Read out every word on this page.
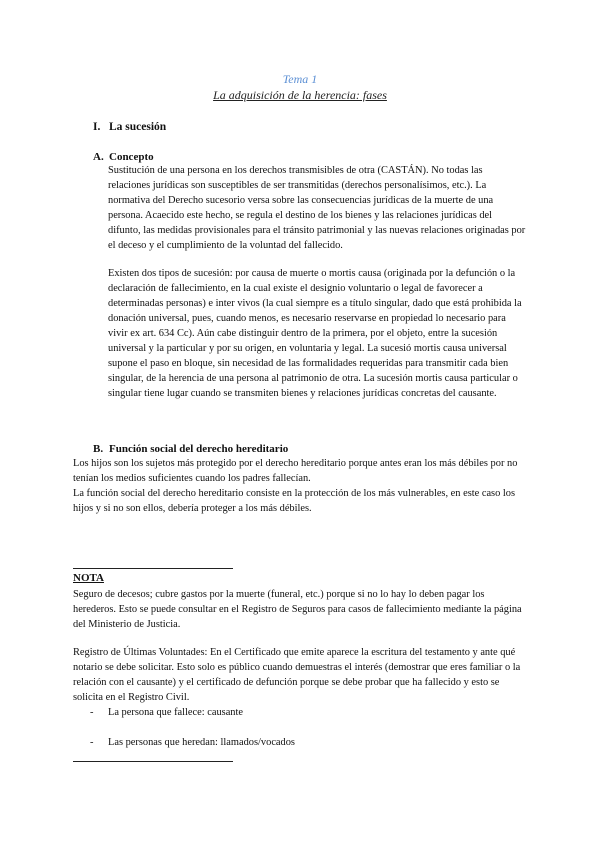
Tema 1
La adquisición de la herencia: fases
I. La sucesión
A. Concepto
Sustitución de una persona en los derechos transmisibles de otra (CASTÁN). No todas las relaciones jurídicas son susceptibles de ser transmitidas (derechos personalísimos, etc.). La normativa del Derecho sucesorio versa sobre las consecuencias jurídicas de la muerte de una persona. Acaecido este hecho, se regula el destino de los bienes y las relaciones jurídicas del difunto, las medidas provisionales para el tránsito patrimonial y las nuevas relaciones originadas por el deceso y el cumplimiento de la voluntad del fallecido.
Existen dos tipos de sucesión: por causa de muerte o mortis causa (originada por la defunción o la declaración de fallecimiento, en la cual existe el designio voluntario o legal de favorecer a determinadas personas) e inter vivos (la cual siempre es a título singular, dado que está prohibida la donación universal, pues, cuando menos, es necesario reservarse en propiedad lo necesario para vivir ex art. 634 Cc). Aún cabe distinguir dentro de la primera, por el objeto, entre la sucesión universal y la particular y por su origen, en voluntaria y legal. La sucesió mortis causa universal supone el paso en bloque, sin necesidad de las formalidades requeridas para transmitir cada bien singular, de la herencia de una persona al patrimonio de otra. La sucesión mortis causa particular o singular tiene lugar cuando se transmiten bienes y relaciones jurídicas concretas del causante.
B. Función social del derecho hereditario
Los hijos son los sujetos más protegido por el derecho hereditario porque antes eran los más débiles por no tenían los medios suficientes cuando los padres fallecían.
La función social del derecho hereditario consiste en la protección de los más vulnerables, en este caso los hijos y si no son ellos, debería proteger a los más débiles.
NOTA
Seguro de decesos; cubre gastos por la muerte (funeral, etc.) porque si no lo hay lo deben pagar los herederos. Esto se puede consultar en el Registro de Seguros para casos de fallecimiento mediante la página del Ministerio de Justicia.
Registro de Últimas Voluntades: En el Certificado que emite aparece la escritura del testamento y ante qué notario se debe solicitar. Esto solo es público cuando demuestras el interés (demostrar que eres familiar o la relación con el causante) y el certificado de defunción porque se debe probar que ha fallecido y esto se solicita en el Registro Civil.
- La persona que fallece: causante
- Las personas que heredan: llamados/vocados
